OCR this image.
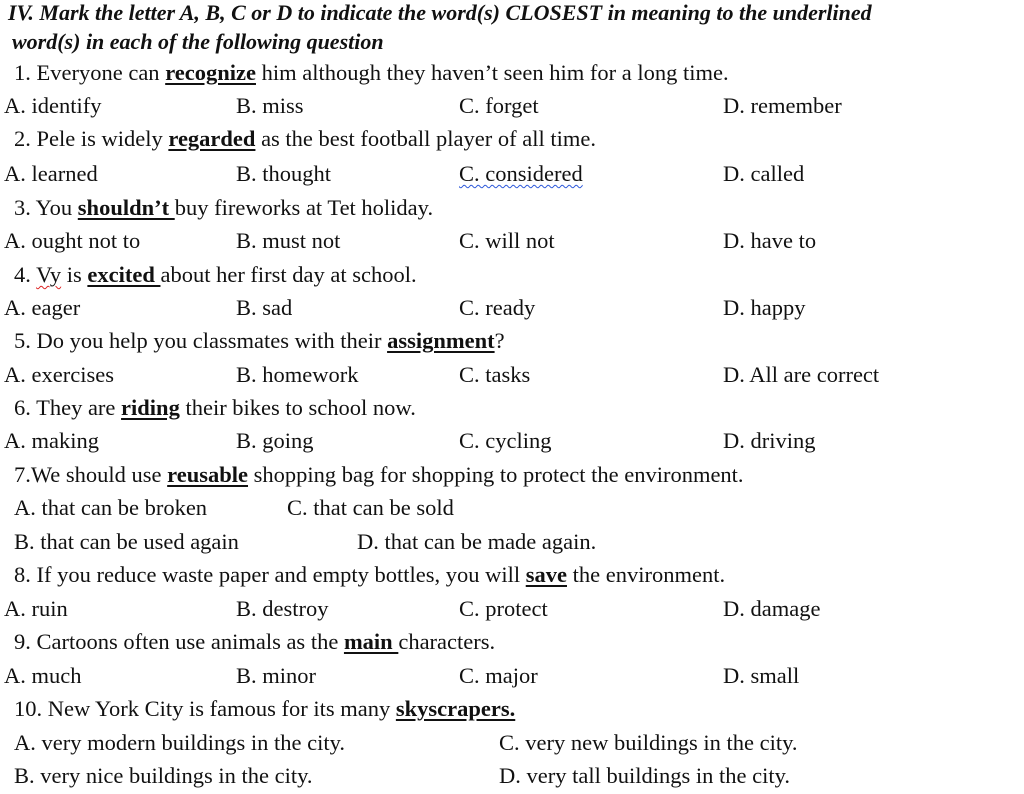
IV. Mark the letter A, B, C or D to indicate the word(s) CLOSEST in meaning to the underlined
word(s) in each of the following question
1. Everyone can recognize him although they haven’t seen him for a long time.
A. identify	B. miss	C. forget	D. remember
2. Pele is widely regarded as the best football player of all time.
A. learned	B. thought	C. considered	D. called
3. You shouldn’t buy fireworks at Tet holiday.
A. ought not to	B. must not	C. will not	D. have to
4. Vy is excited about her first day at school.
A. eager	B. sad	C. ready	D. happy
5. Do you help you classmates with their assignment?
A. exercises	B. homework	C. tasks	D. All are correct
6. They are riding their bikes to school now.
A. making	B. going	C. cycling	D. driving
7.We should use reusable shopping bag for shopping to protect the environment.
A. that can be broken	C. that can be sold
B. that can be used again	D. that can be made again.
8. If you reduce waste paper and empty bottles, you will save the environment.
A. ruin	B. destroy	C. protect	D. damage
9. Cartoons often use animals as the main characters.
A. much	B. minor	C. major	D. small
10. New York City is famous for its many skyscrapers.
A. very modern buildings in the city.	C. very new buildings in the city.
B. very nice buildings in the city.	D. very tall buildings in the city.
